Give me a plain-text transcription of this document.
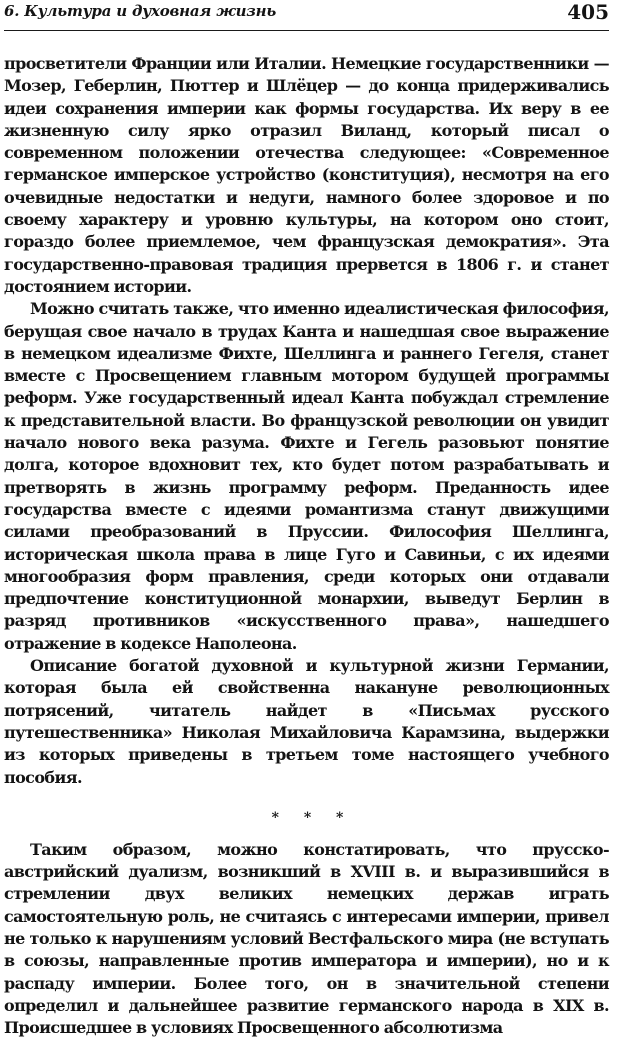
6. Культура и духовная жизнь	405

просветители Франции или Италии. Немецкие государственники — Мозер, Геберлин, Пюттер и Шлёцер — до конца придерживались идеи сохранения империи как формы государства. Их веру в ее жизненную силу ярко отразил Виланд, который писал о современном положении отечества следующее: «Современное германское имперское устройство (конституция), несмотря на его очевидные недостатки и недуги, намного более здоровое и по своему характеру и уровню культуры, на котором оно стоит, гораздо более приемлемое, чем французская демократия». Эта государственно-правовая традиция прервется в 1806 г. и станет достоянием истории.

Можно считать также, что именно идеалистическая философия, берущая свое начало в трудах Канта и нашедшая свое выражение в немецком идеализме Фихте, Шеллинга и раннего Гегеля, станет вместе с Просвещением главным мотором будущей программы реформ. Уже государственный идеал Канта побуждал стремление к представительной власти. Во французской революции он увидит начало нового века разума. Фихте и Гегель разовьют понятие долга, которое вдохновит тех, кто будет потом разрабатывать и претворять в жизнь программу реформ. Преданность идее государства вместе с идеями романтизма станут движущими силами преобразований в Пруссии. Философия Шеллинга, историческая школа права в лице Гуго и Савиньи, с их идеями многообразия форм правления, среди которых они отдавали предпочтение конституционной монархии, выведут Берлин в разряд противников «искусственного права», нашедшего отражение в кодексе Наполеона.

Описание богатой духовной и культурной жизни Германии, которая была ей свойственна накануне революционных потрясений, читатель найдет в «Письмах русского путешественника» Николая Михайловича Карамзина, выдержки из которых приведены в третьем томе настоящего учебного пособия.

* * *

Таким образом, можно констатировать, что прусско-австрийский дуализм, возникший в XVIII в. и выразившийся в стремлении двух великих немецких держав играть самостоятельную роль, не считаясь с интересами империи, привел не только к нарушениям условий Вестфальского мира (не вступать в союзы, направленные против императора и империи), но и к распаду империи. Более того, он в значительной степени определил и дальнейшее развитие германского народа в XIX в. Происшедшее в условиях Просвещенного абсолютизма
